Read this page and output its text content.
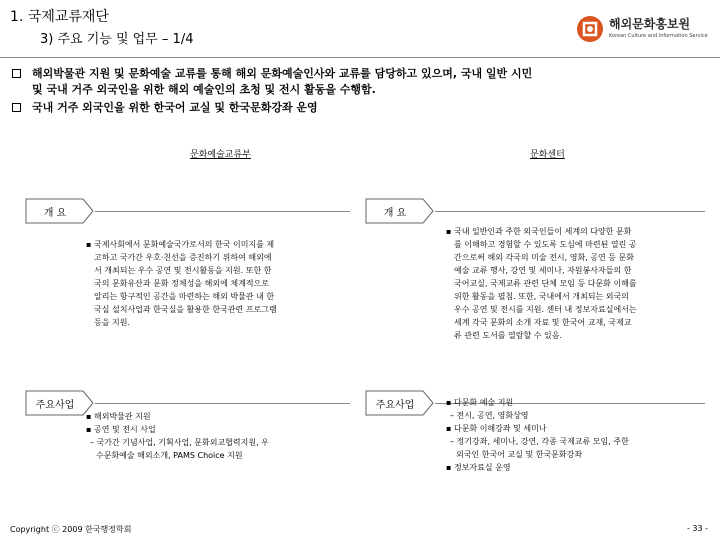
1. 국제교류재단
3) 주요 기능 및 업무 – 1/4
해외문화홍보원
Korean Culture and Information Service
해외박물관 지원 및 문화예술 교류를 통해 해외 문화예술인사와 교류를 담당하고 있으며, 국내 일반 시민
및 국내 거주 외국인을 위한 해외 예술인의 초청 및 전시 활동을 수행함.
국내 거주 외국인을 위한 한국어 교실 및 한국문화강좌 운영
문화예술교류부	문화센터
개 요

▪ 국제사회에서 문화예술국가로서의 한국 이미지를 제

고하고 국가간 우호·친선을 증진하기 위하여 해외에

서 개최되는 우수 공연 및 전시활동을 지원. 또한 한

국의 문화유산과 문화 정체성을 해외에 체계적으로

알리는 항구적인 공간을 마련하는 해외 박물관 내 한

국실 설치사업과 한국실을 활용한 한국관련 프로그램

등을 지원.

주요사업

▪ 해외박물관 지원

▪ 공연 및 전시 사업

– 국가간 기념사업, 기획사업, 문화외교협력지원, 우

수문화예술 해외소개, PAMS Choice 지원

개 요

▪ 국내 일반인과 주한 외국인들이 세계의 다양한 문화

를 이해하고 경험할 수 있도록 도심에 마련된 열린 공

간으로써 해외 각국의 미술 전시, 영화, 공연 등 문화

예술 교류 행사, 강연 및 세미나, 자원봉사자들의 한

국어교실, 국제교류 관련 단체 모임 등 다문화 이해를

위한 활동을 펼침. 또한, 국내에서 개최되는 외국의

우수 공연 및 전시를 지원. 센터 내 정보자료실에서는

세계 각국 문화의 소개 자료 및 한국어 교재, 국제교

류 관련 도서를 열람할 수 있음.

주요사업	▪ 다문화 예술 지원

– 전시, 공연, 영화상영

▪ 다문화 이해강좌 및 세미나

– 정기강좌, 세미나, 강연, 각종 국제교류 모임, 주한

외국인 한국어 교실 및 한국문화강좌

▪ 정보자료실 운영

Copyright ⓒ 2009 한국행정학회	- 33 -
